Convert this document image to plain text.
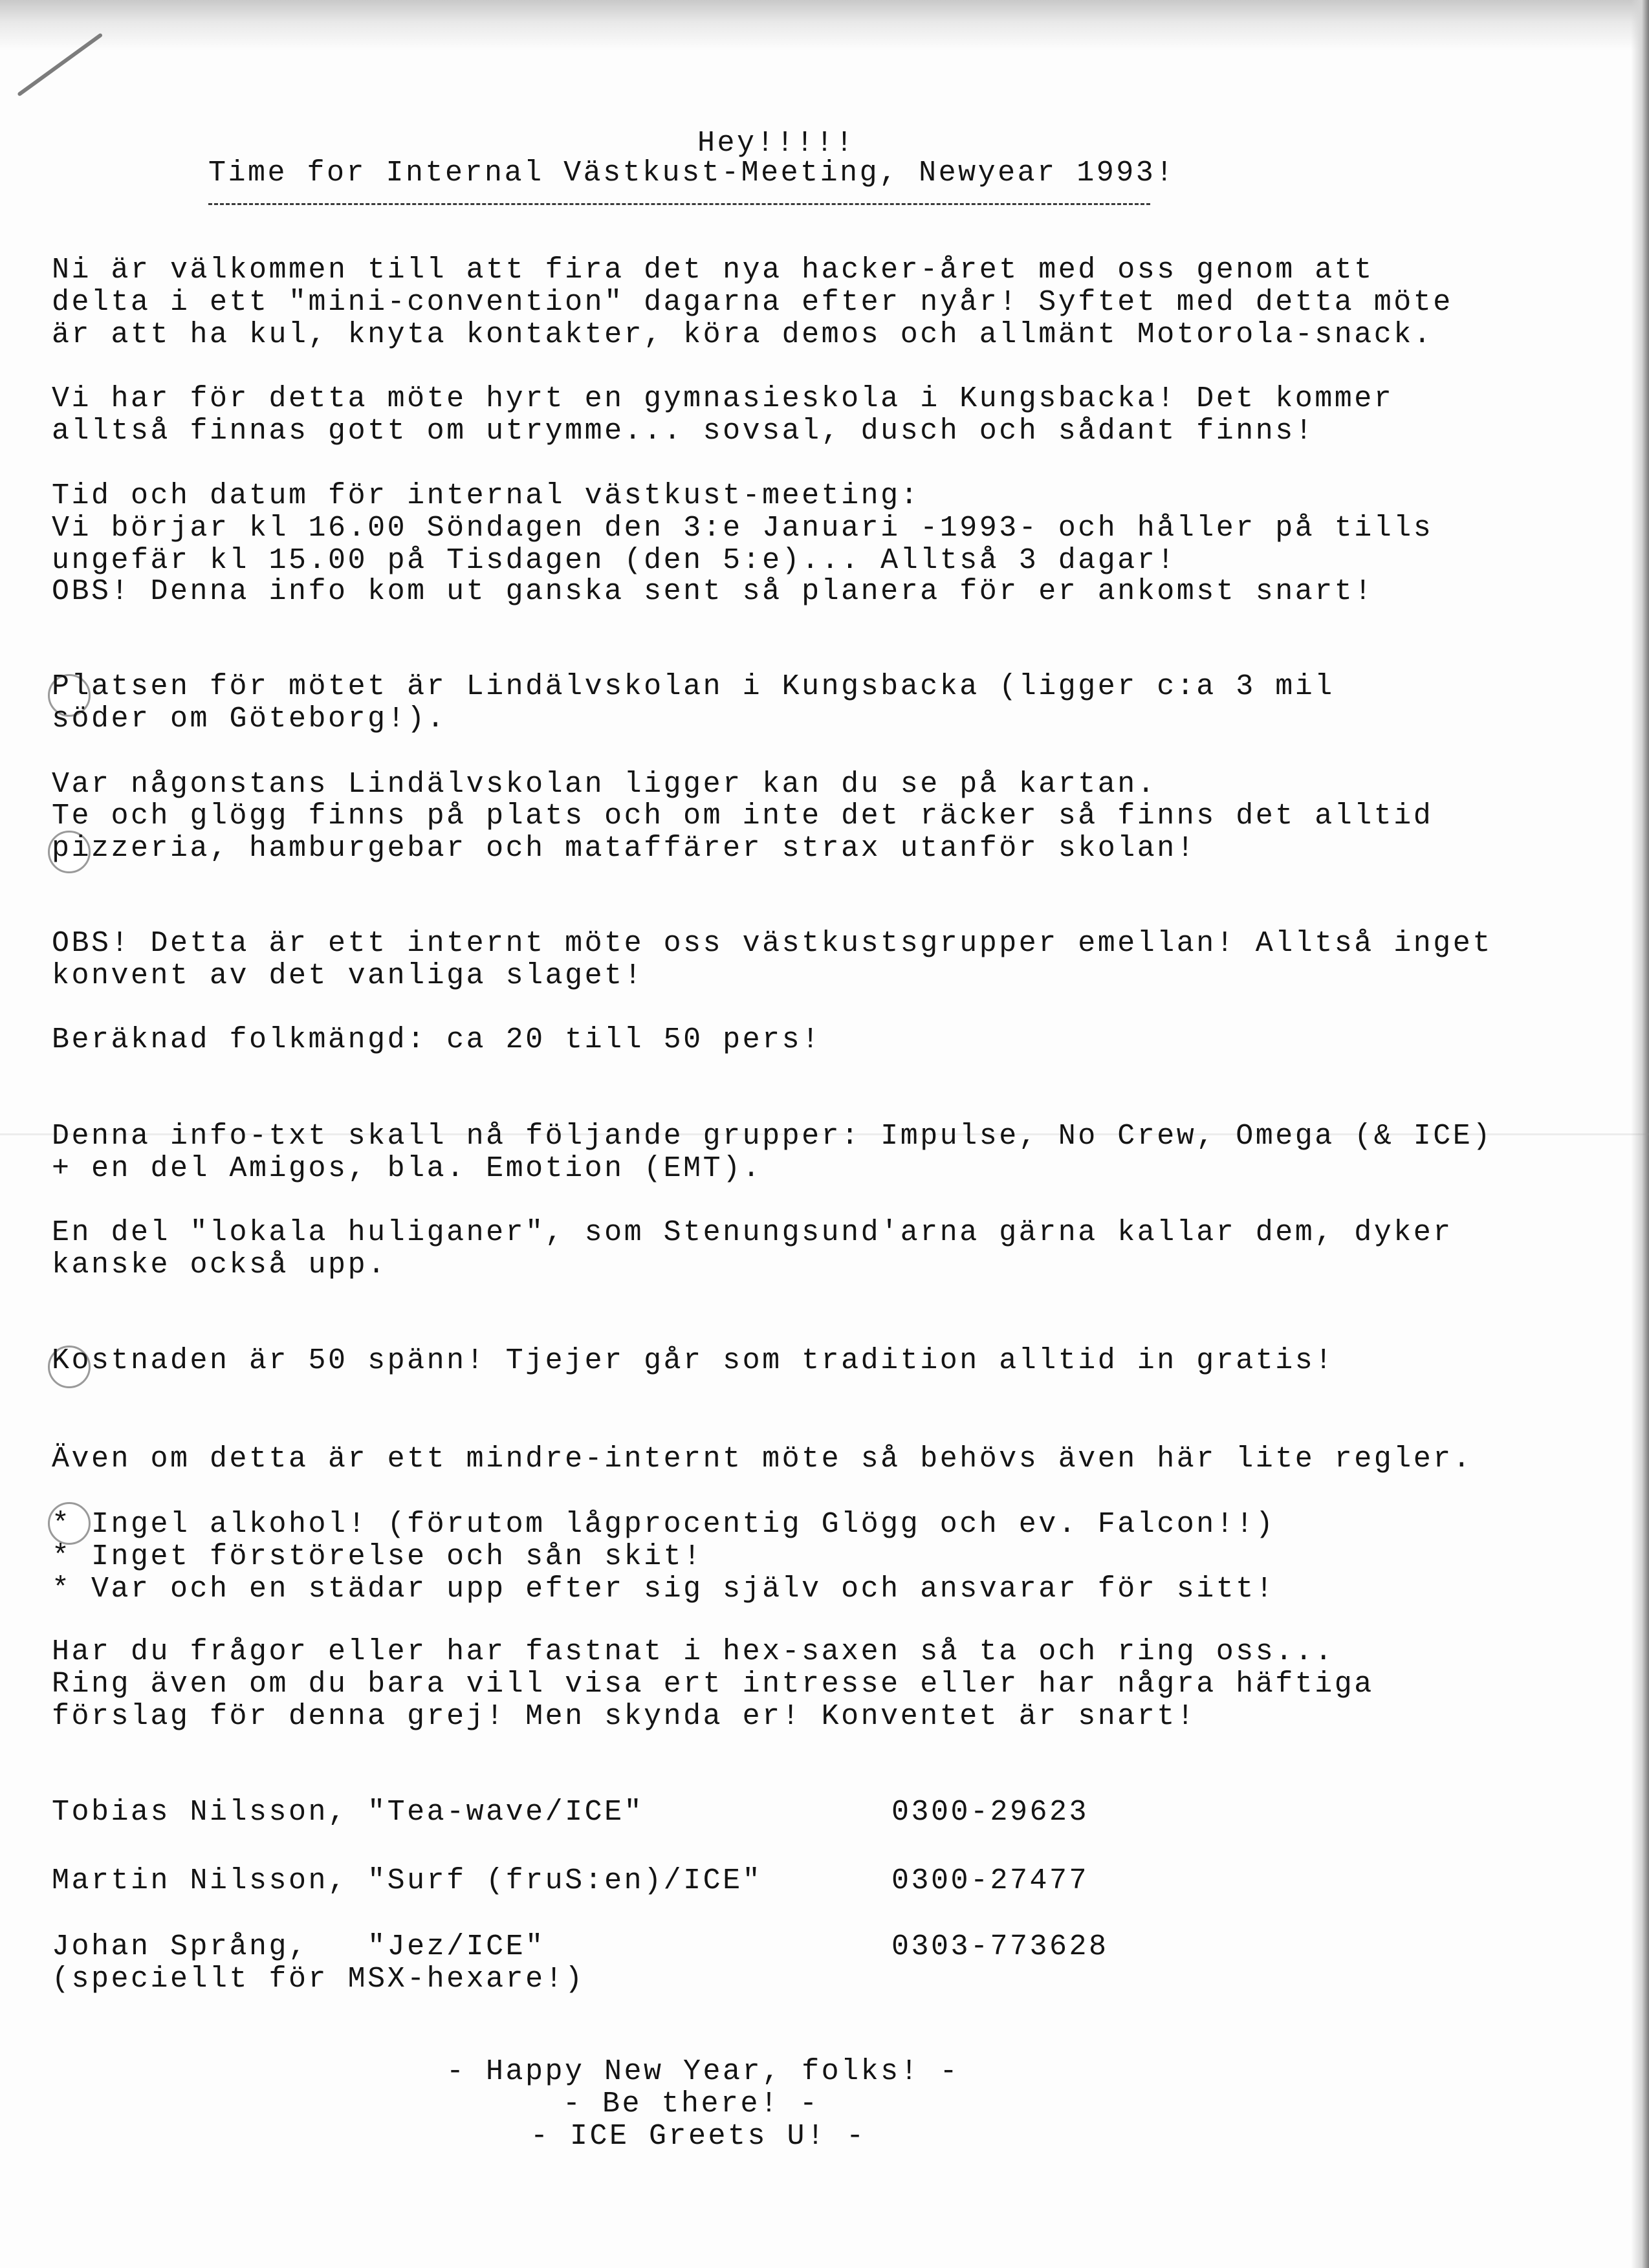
Hey!!!!!
Time for Internal Västkust-Meeting, Newyear 1993!
Ni är välkommen till att fira det nya hacker-året med oss genom att
delta i ett "mini-convention" dagarna efter nyår! Syftet med detta möte
är att ha kul, knyta kontakter, köra demos och allmänt Motorola-snack.
Vi har för detta möte hyrt en gymnasieskola i Kungsbacka! Det kommer
alltså finnas gott om utrymme... sovsal, dusch och sådant finns!
Tid och datum för internal västkust-meeting:
Vi börjar kl 16.00 Söndagen den 3:e Januari -1993- och håller på tills
ungefär kl 15.00 på Tisdagen (den 5:e)... Alltså 3 dagar!
OBS! Denna info kom ut ganska sent så planera för er ankomst snart!
Platsen för mötet är Lindälvskolan i Kungsbacka (ligger c:a 3 mil
söder om Göteborg!).
Var någonstans Lindälvskolan ligger kan du se på kartan.
Te och glögg finns på plats och om inte det räcker så finns det alltid
pizzeria, hamburgebar och mataffärer strax utanför skolan!
OBS! Detta är ett internt möte oss västkustsgrupper emellan! Alltså inget
konvent av det vanliga slaget!
Beräknad folkmängd: ca 20 till 50 pers!
Denna info-txt skall nå följande grupper: Impulse, No Crew, Omega (& ICE)
+ en del Amigos, bla. Emotion (EMT).
En del "lokala huliganer", som Stenungsund'arna gärna kallar dem, dyker
kanske också upp.
Kostnaden är 50 spänn! Tjejer går som tradition alltid in gratis!
Även om detta är ett mindre-internt möte så behövs även här lite regler.
* Ingel alkohol! (förutom lågprocentig Glögg och ev. Falcon!!)
* Inget förstörelse och sån skit!
* Var och en städar upp efter sig själv och ansvarar för sitt!
Har du frågor eller har fastnat i hex-saxen så ta och ring oss...
Ring även om du bara vill visa ert intresse eller har några häftiga
förslag för denna grej! Men skynda er! Konventet är snart!
Tobias Nilsson, "Tea-wave/ICE"	0300-29623
Martin Nilsson, "Surf (fruS:en)/ICE"	0300-27477
Johan Språng,   "Jez/ICE"	0303-773628
(speciellt för MSX-hexare!)
- Happy New Year, folks! -
- Be there! -
- ICE Greets U! -
